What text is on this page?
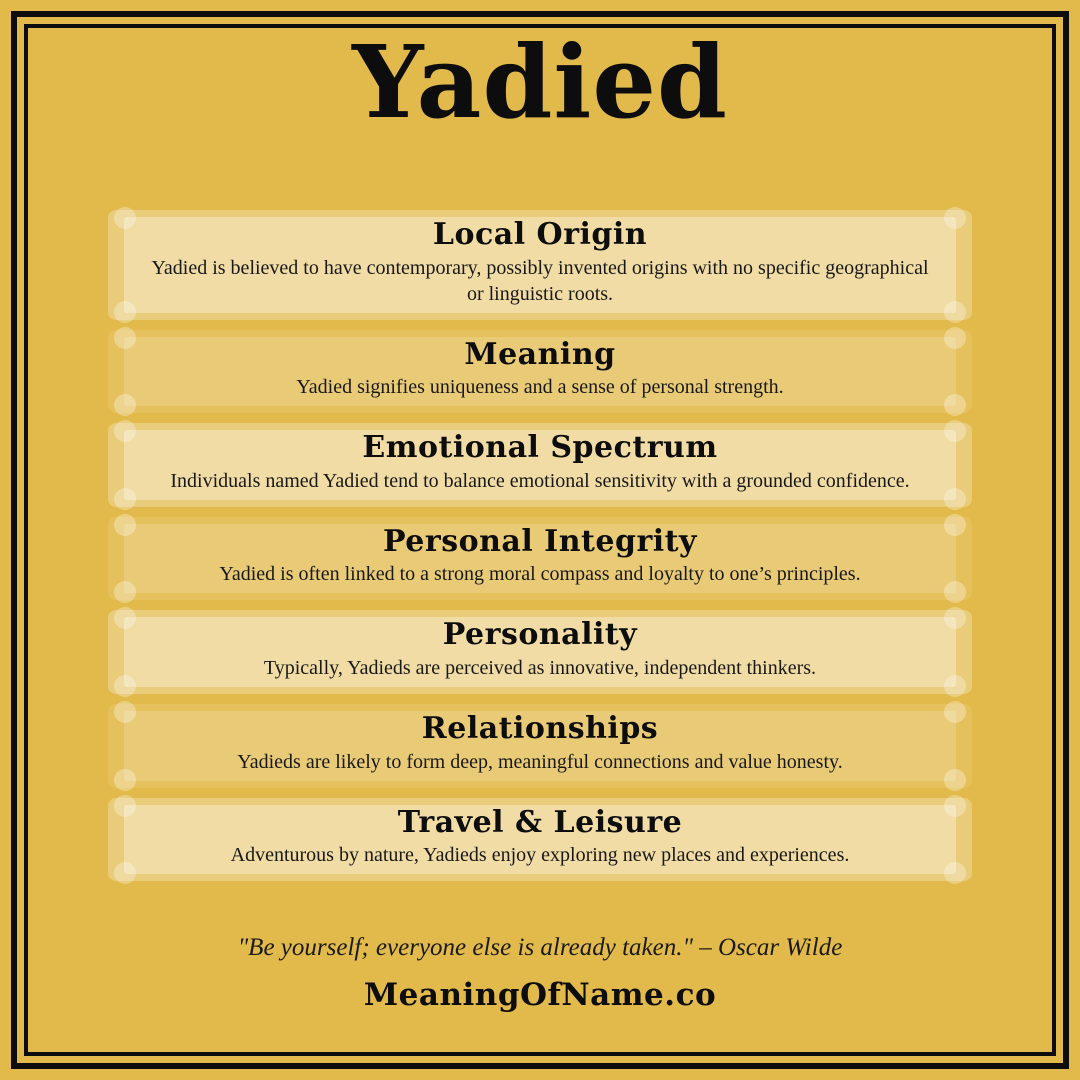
Yadied
Local Origin

Yadied is believed to have contemporary, possibly invented origins with no specific geographical or linguistic roots.

Meaning

Yadied signifies uniqueness and a sense of personal strength.

Emotional Spectrum

Individuals named Yadied tend to balance emotional sensitivity with a grounded confidence.

Personal Integrity

Yadied is often linked to a strong moral compass and loyalty to one’s principles.

Personality

Typically, Yadieds are perceived as innovative, independent thinkers.

Relationships

Yadieds are likely to form deep, meaningful connections and value honesty.

Travel & Leisure

Adventurous by nature, Yadieds enjoy exploring new places and experiences.

"Be yourself; everyone else is already taken." – Oscar Wilde
MeaningOfName.co
